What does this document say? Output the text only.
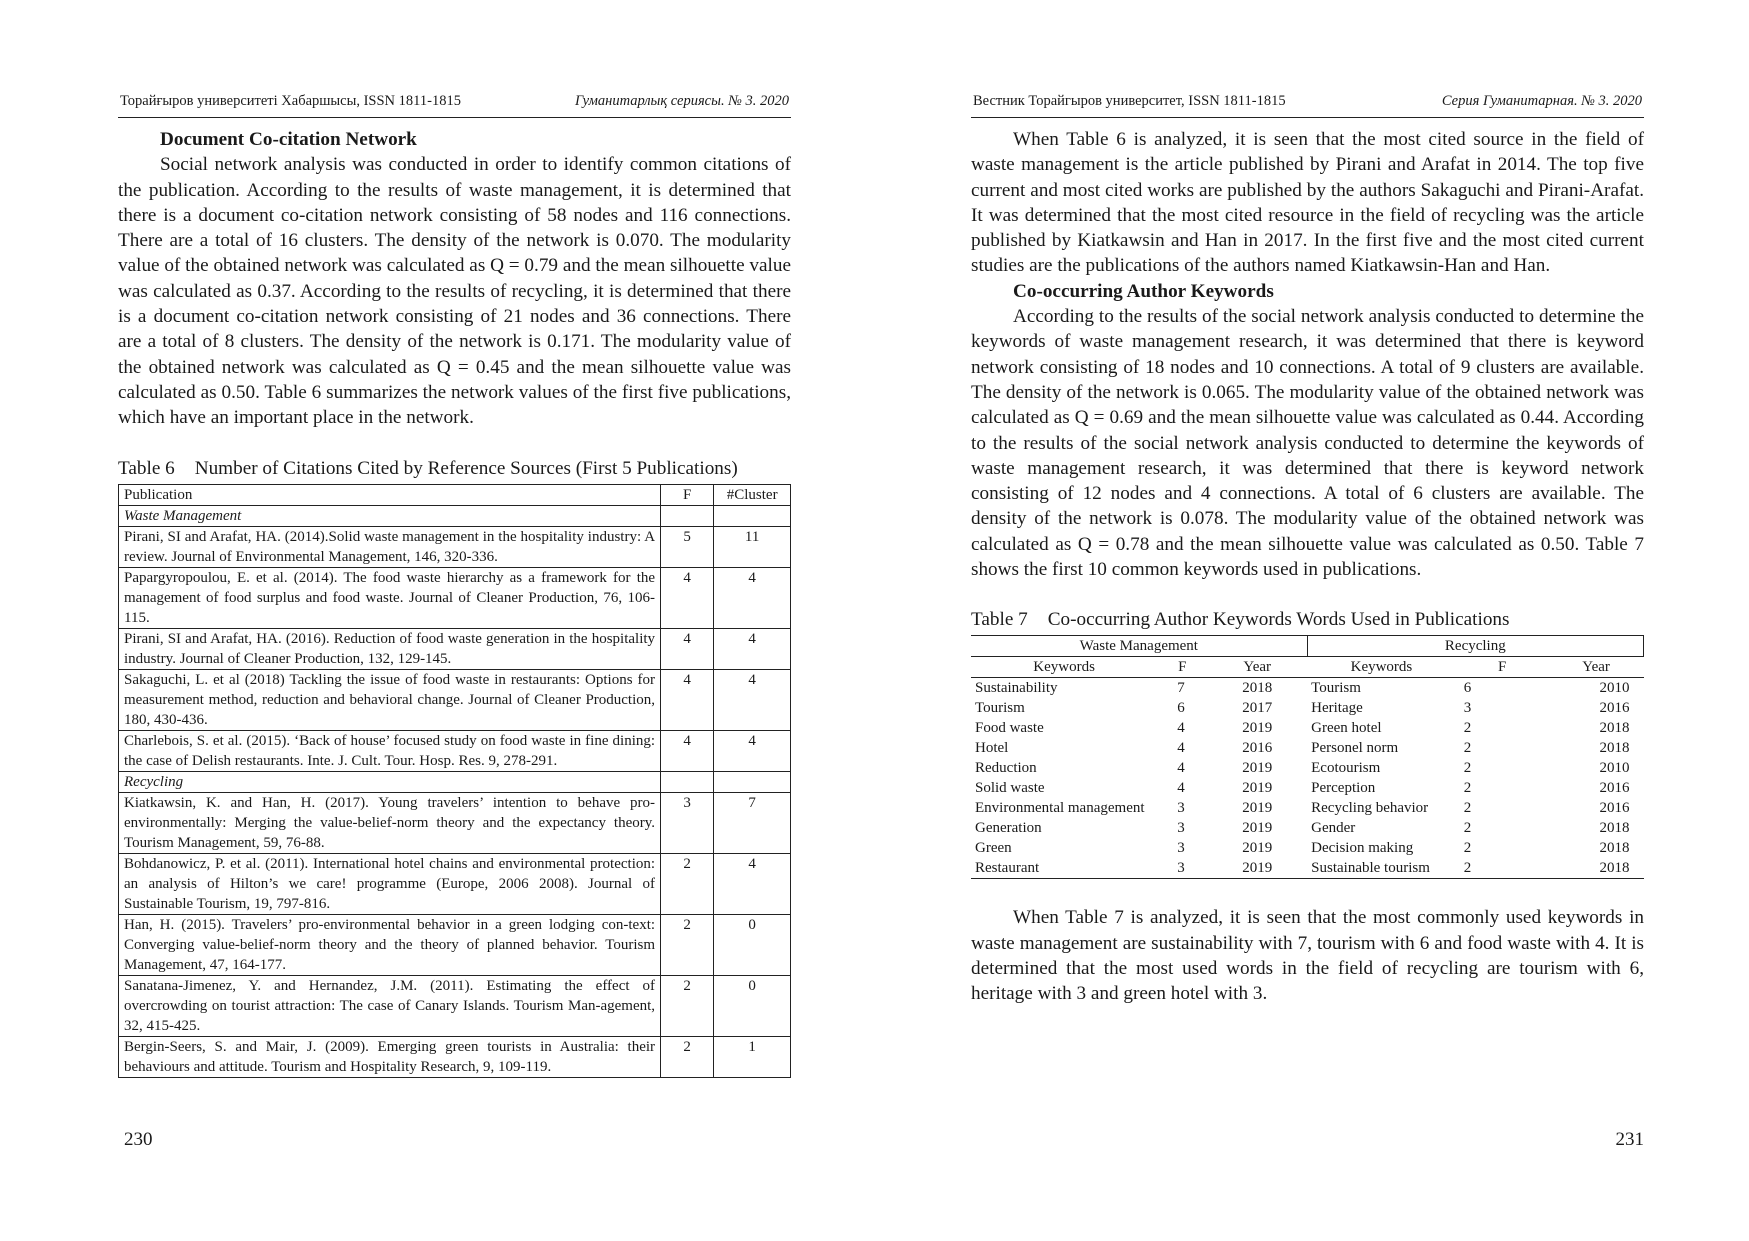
Торайғыров университеті Хабаршысы, ISSN 1811-1815	Гуманитарлық сериясы. № 3. 2020
Document Co-citation Network

Social network analysis was conducted in order to identify common citations of the publication. According to the results of waste management, it is determined that there is a document co-citation network consisting of 58 nodes and 116 connections. There are a total of 16 clusters. The density of the network is 0.070. The modularity value of the obtained network was calculated as Q = 0.79 and the mean silhouette value was calculated as 0.37. According to the results of recycling, it is determined that there is a document co-citation network consisting of 21 nodes and 36 connections. There are a total of 8 clusters. The density of the network is 0.171. The modularity value of the obtained network was calculated as Q = 0.45 and the mean silhouette value was calculated as 0.50. Table 6 summarizes the network values of the first five publications, which have an important place in the network.

Table 6 Number of Citations Cited by Reference Sources (First 5 Publications)
Publication	F	#Cluster
Waste Management		
Pirani, SI and Arafat, HA. (2014).Solid waste management in the hospitality industry: A review. Journal of Environmental Management, 146, 320-336.	5	11
Papargyropoulou, E. et al. (2014). The food waste hierarchy as a framework for the management of food surplus and food waste. Journal of Cleaner Production, 76, 106-115.	4	4
Pirani, SI and Arafat, HA. (2016). Reduction of food waste generation in the hospitality industry. Journal of Cleaner Production, 132, 129-145.	4	4
Sakaguchi, L. et al (2018) Tackling the issue of food waste in restaurants: Options for measurement method, reduction and behavioral change. Journal of Cleaner Production, 180, 430-436.	4	4
Charlebois, S. et al. (2015). ‘Back of house’ focused study on food waste in fine dining: the case of Delish restaurants. Inte. J. Cult. Tour. Hosp. Res. 9, 278-291.	4	4
Recycling		
Kiatkawsin, K. and Han, H. (2017). Young travelers’ intention to behave pro-environmentally: Merging the value-belief-norm theory and the expectancy theory. Tourism Management, 59, 76-88.	3	7
Bohdanowicz, P. et al. (2011). International hotel chains and environmental protection: an analysis of Hilton’s we care! programme (Europe, 2006 2008). Journal of Sustainable Tourism, 19, 797-816.	2	4
Han, H. (2015). Travelers’ pro-environmental behavior in a green lodging con-text: Converging value-belief-norm theory and the theory of planned behavior. Tourism Management, 47, 164-177.	2	0
Sanatana-Jimenez, Y. and Hernandez, J.M. (2011). Estimating the effect of overcrowding on tourist attraction: The case of Canary Islands. Tourism Man-agement, 32, 415-425.	2	0
Bergin-Seers, S. and Mair, J. (2009). Emerging green tourists in Australia: their behaviours and attitude. Tourism and Hospitality Research, 9, 109-119.	2	1
230
Вестник Торайгыров университет, ISSN 1811-1815	Серия Гуманитарная. № 3. 2020

When Table 6 is analyzed, it is seen that the most cited source in the field of waste management is the article published by Pirani and Arafat in 2014. The top five current and most cited works are published by the authors Sakaguchi and Pirani-Arafat. It was determined that the most cited resource in the field of recycling was the article published by Kiatkawsin and Han in 2017. In the first five and the most cited current studies are the publications of the authors named Kiatkawsin-Han and Han.

Co-occurring Author Keywords

According to the results of the social network analysis conducted to determine the keywords of waste management research, it was determined that there is keyword network consisting of 18 nodes and 10 connections. A total of 9 clusters are available. The density of the network is 0.065. The modularity value of the obtained network was calculated as Q = 0.69 and the mean silhouette value was calculated as 0.44. According to the results of the social network analysis conducted to determine the keywords of waste management research, it was determined that there is keyword network consisting of 12 nodes and 4 connections. A total of 6 clusters are available. The density of the network is 0.078. The modularity value of the obtained network was calculated as Q = 0.78 and the mean silhouette value was calculated as 0.50. Table 7 shows the first 10 common keywords used in publications.

Table 7 Co-occurring Author Keywords Words Used in Publications
Waste Management			Recycling		
Keywords	F	Year	Keywords	F	Year
Sustainability	7	2018	Tourism	6	2010
Tourism	6	2017	Heritage	3	2016
Food waste	4	2019	Green hotel	2	2018
Hotel	4	2016	Personel norm	2	2018
Reduction	4	2019	Ecotourism	2	2010
Solid waste	4	2019	Perception	2	2016
Environmental management	3	2019	Recycling behavior	2	2016
Generation	3	2019	Gender	2	2018
Green	3	2019	Decision making	2	2018
Restaurant	3	2019	Sustainable tourism	2	2018

When Table 7 is analyzed, it is seen that the most commonly used keywords in waste management are sustainability with 7, tourism with 6 and food waste with 4. It is determined that the most used words in the field of recycling are tourism with 6, heritage with 3 and green hotel with 3.

231
